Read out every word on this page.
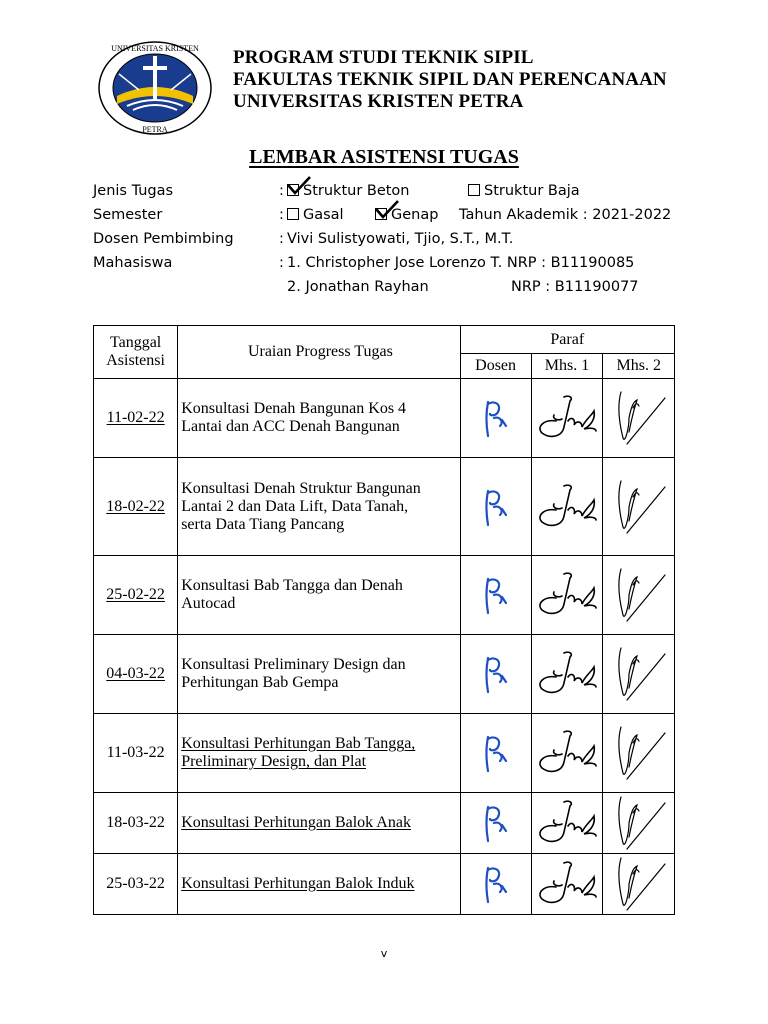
UNIVERSITAS KRISTEN
PETRA
PROGRAM STUDI TEKNIK SIPIL
FAKULTAS TEKNIK SIPIL DAN PERENCANAAN
UNIVERSITAS KRISTEN PETRA
LEMBAR ASISTENSI TUGAS
Jenis Tugas	:	Struktur Beton	Struktur Baja
Semester	:	Gasal	Genap Tahun Akademik : 2021-2022
Dosen Pembimbing	: Vivi Sulistyowati, Tjio, S.T., M.T.
Mahasiswa	: 1. Christopher Jose Lorenzo T. NRP : B11190085
2. Jonathan Rayhan	NRP : B11190077
Tanggal
Asistensi	Uraian Progress Tugas	Paraf		
		Dosen	Mhs. 1	Mhs. 2
11-02-22	Konsultasi Denah Bangunan Kos 4
Lantai dan ACC Denah Bangunan

18-02-22	Konsultasi Denah Struktur Bangunan
Lantai 2 dan Data Lift, Data Tanah,
serta Data Tiang Pancang

25-02-22	Konsultasi Bab Tangga dan Denah
Autocad

04-03-22	Konsultasi Preliminary Design dan
Perhitungan Bab Gempa

11-03-22	Konsultasi Perhitungan Bab Tangga,
Preliminary Design, dan Plat

18-03-22	Konsultasi Perhitungan Balok Anak

25-03-22	Konsultasi Perhitungan Balok Induk

v
